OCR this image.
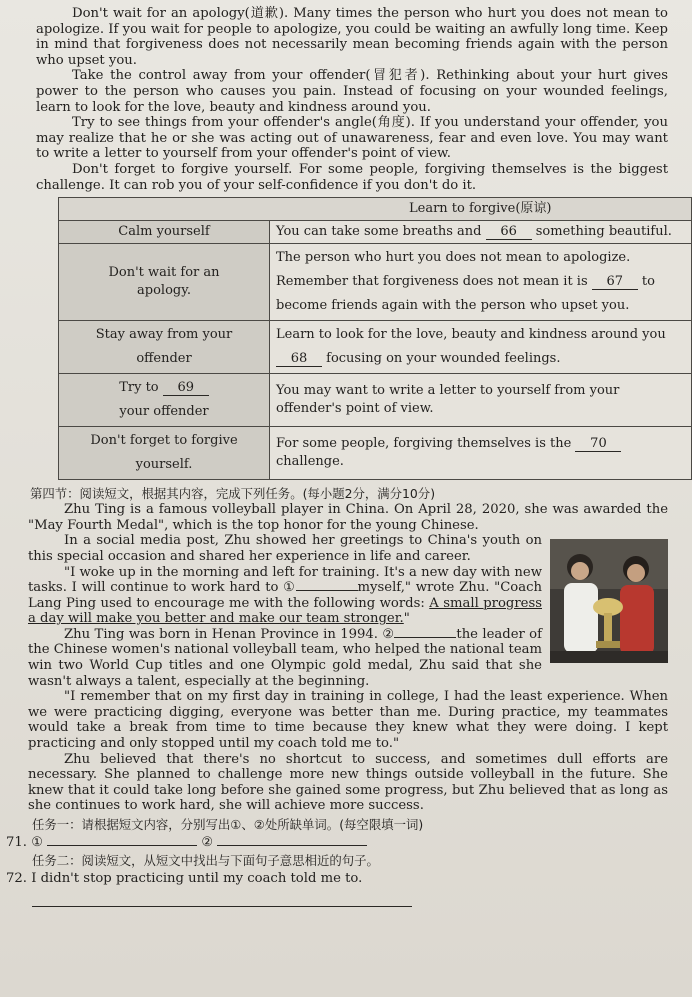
Don't wait for an apology(道歉). Many times the person who hurt you does not mean to apologize. If you wait for people to apologize, you could be waiting an awfully long time. Keep in mind that forgiveness does not necessarily mean becoming friends again with the person who upset you.

Take the control away from your offender(冒犯者). Rethinking about your hurt gives power to the person who causes you pain. Instead of focusing on your wounded feelings, learn to look for the love, beauty and kindness around you.

Try to see things from your offender's angle(角度). If you understand your offender, you may realize that he or she was acting out of unawareness, fear and even love. You may want to write a letter to yourself from your offender's point of view.

Don't forget to forgive yourself. For some people, forgiving themselves is the biggest challenge. It can rob you of your self-confidence if you don't do it.

	Learn to forgive(原谅)
Calm yourself	You can take some breaths and 66 something beautiful.
Don't wait for an apology.	The person who hurt you does not mean to apologize. Remember that forgiveness does not mean it is 67 to become friends again with the person who upset you.
Stay away from your offender	Learn to look for the love, beauty and kindness around you 68 focusing on your wounded feelings.
Try to 69
your offender	You may want to write a letter to yourself from your offender's point of view.
Don't forget to forgive yourself.	For some people, forgiving themselves is the 70 challenge.
第四节：阅读短文，根据其内容，完成下列任务。(每小题2分，满分10分)

Zhu Ting is a famous volleyball player in China. On April 28, 2020, she was awarded the "May Fourth Medal", which is the top honor for the young Chinese.

In a social media post, Zhu showed her greetings to China's youth on this special occasion and shared her experience in life and career.

"I woke up in the morning and left for training. It's a new day with new tasks. I will continue to work hard to ①	myself," wrote Zhu. "Coach Lang Ping used to encourage me with the following words: A small progress a day will make you better and make our team stronger."

Zhu Ting was born in Henan Province in 1994. ②	the leader of the Chinese women's national volleyball team, who helped the national team win two World Cup titles and one Olympic gold medal, Zhu said that she wasn't always a talent, especially at the beginning.

"I remember that on my first day in training in college, I had the least experience. When we were practicing digging, everyone was better than me. During practice, my teammates would take a break from time to time because they knew what they were doing. I kept practicing and only stopped until my coach told me to."

Zhu believed that there's no shortcut to success, and sometimes dull efforts are necessary. She planned to challenge more new things outside volleyball in the future. She knew that it could take long before she gained some progress, but Zhu believed that as long as she continues to work hard, she will achieve more success.

任务一：请根据短文内容，分别写出①、②处所缺单词。(每空限填一词)
71. ①	②
任务二：阅读短文，从短文中找出与下面句子意思相近的句子。
72. I didn't stop practicing until my coach told me to.
